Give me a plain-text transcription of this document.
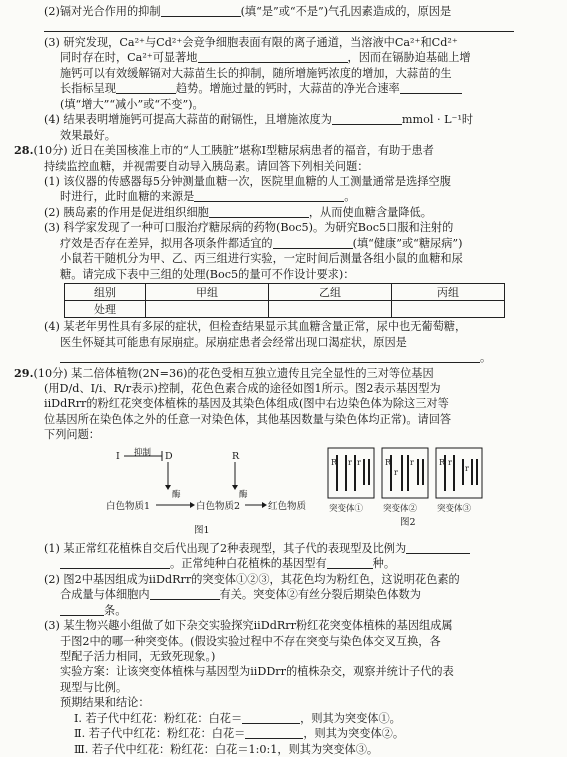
(2)镉对光合作用的抑制	(填“是”或“不是”)气孔因素造成的，原因是

(3) 研究发现，Ca²⁺与Cd²⁺会竞争细胞表面有限的离子通道，当溶液中Ca²⁺和Cd²⁺

同时存在时，Ca²⁺可显著地	，因而在镉胁迫基础上增

施钙可以有效缓解镉对大蒜苗生长的抑制，随所增施钙浓度的增加，大蒜苗的生

长指标呈现	趋势。增施过量的钙时，大蒜苗的净光合速率

(填“增大”“减小”或“不变”)。

(4) 结果表明增施钙可提高大蒜苗的耐镉性，且增施浓度为	mmol · L⁻¹时

效果最好。

28.(10分) 近日在美国核准上市的“人工胰脏”堪称Ⅰ型糖尿病患者的福音，有助于患者

持续监控血糖，并视需要自动导入胰岛素。请回答下列相关问题：

(1) 该仪器的传感器每5分钟测量血糖一次，医院里血糖的人工测量通常是选择空腹

时进行，此时血糖的来源是	。

(2) 胰岛素的作用是促进组织细胞	，从而使血糖含量降低。

(3) 科学家发现了一种可口服治疗糖尿病的药物(Boc5)。为研究Boc5口服和注射的

疗效是否存在差异，拟用各项条件都适宜的	(填“健康”或“糖尿病”)

小鼠若干随机分为甲、乙、丙三组进行实验，一定时间后测量各组小鼠的血糖和尿

糖。请完成下表中三组的处理(Boc5的量可不作设计要求)：

组别	甲组	乙组	丙组
处理			

(4) 某老年男性具有多尿的症状，但检查结果显示其血糖含量正常，尿中也无葡萄糖，

医生怀疑其可能患有尿崩症。尿崩症患者会经常出现口渴症状，原因是

。

29.(10分) 某二倍体植物(2N=36)的花色受相互独立遗传且完全显性的三对等位基因

(用D/d、I/i、R/r表示)控制，花色色素合成的途径如图1所示。图2表示基因型为

iiDdRrr的粉红花突变体植株的基因及其染色体组成(图中右边染色体为除这三对等

位基因所在染色体之外的任意一对染色体，其他基因数量与染色体均正常)。请回答

下列问题：

I 抑制 D
酶
R
酶
白色物质1	白色物质2	红色物质
图1
R r r
突变体①
R
r
r
突变体②
R r
r
突变体③
图2

(1) 某正常红花植株自交后代出现了2种表现型，其子代的表现型及比例为

。正常纯种白花植株的基因型有	种。

(2) 图2中基因组成为iiDdRrr的突变体①②③，其花色均为粉红色，这说明花色素的

合成量与体细胞内	有关。突变体②有丝分裂后期染色体数为

条。

(3) 某生物兴趣小组做了如下杂交实验探究iiDdRrr粉红花突变体植株的基因组成属

于图2中的哪一种突变体。(假设实验过程中不存在突变与染色体交叉互换，各

型配子活力相同，无致死现象。)

实验方案：让该突变体植株与基因型为iiDDrr的植株杂交，观察并统计子代的表

现型与比例。

预期结果和结论：

Ⅰ. 若子代中红花：粉红花：白花＝	，则其为突变体①。

Ⅱ. 若子代中红花：粉红花：白花＝	，则其为突变体②。

Ⅲ. 若子代中红花：粉红花：白花＝1:0:1，则其为突变体③。
